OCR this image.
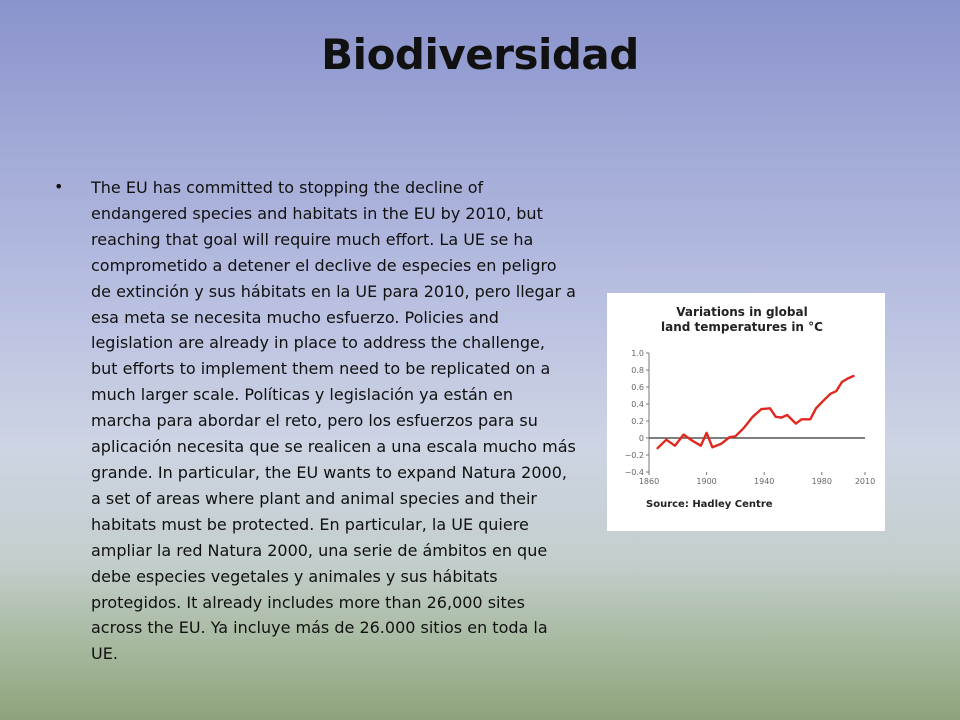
Biodiversidad
• The EU has committed to stopping the decline of endangered species and habitats in the EU by 2010, but reaching that goal will require much effort. La UE se ha comprometido a detener el declive de especies en peligro de extinción y sus hábitats en la UE para 2010, pero llegar a esa meta se necesita mucho esfuerzo. Policies and legislation are already in place to address the challenge, but efforts to implement them need to be replicated on a much larger scale. Políticas y legislación ya están en marcha para abordar el reto, pero los esfuerzos para su aplicación necesita que se realicen a una escala mucho más grande. In particular, the EU wants to expand Natura 2000, a set of areas where plant and animal species and their habitats must be protected. En particular, la UE quiere ampliar la red Natura 2000, una serie de ámbitos en que debe especies vegetales y animales y sus hábitats protegidos. It already includes more than 26,000 sites across the EU. Ya incluye más de 26.000 sitios en toda la UE.
Variations in global
land temperatures in °C
1.0
0.8
0.6
0.4
0.2
0
−0.2
−0.4
1860	1900	1940	1980	2010
Source: Hadley Centre
